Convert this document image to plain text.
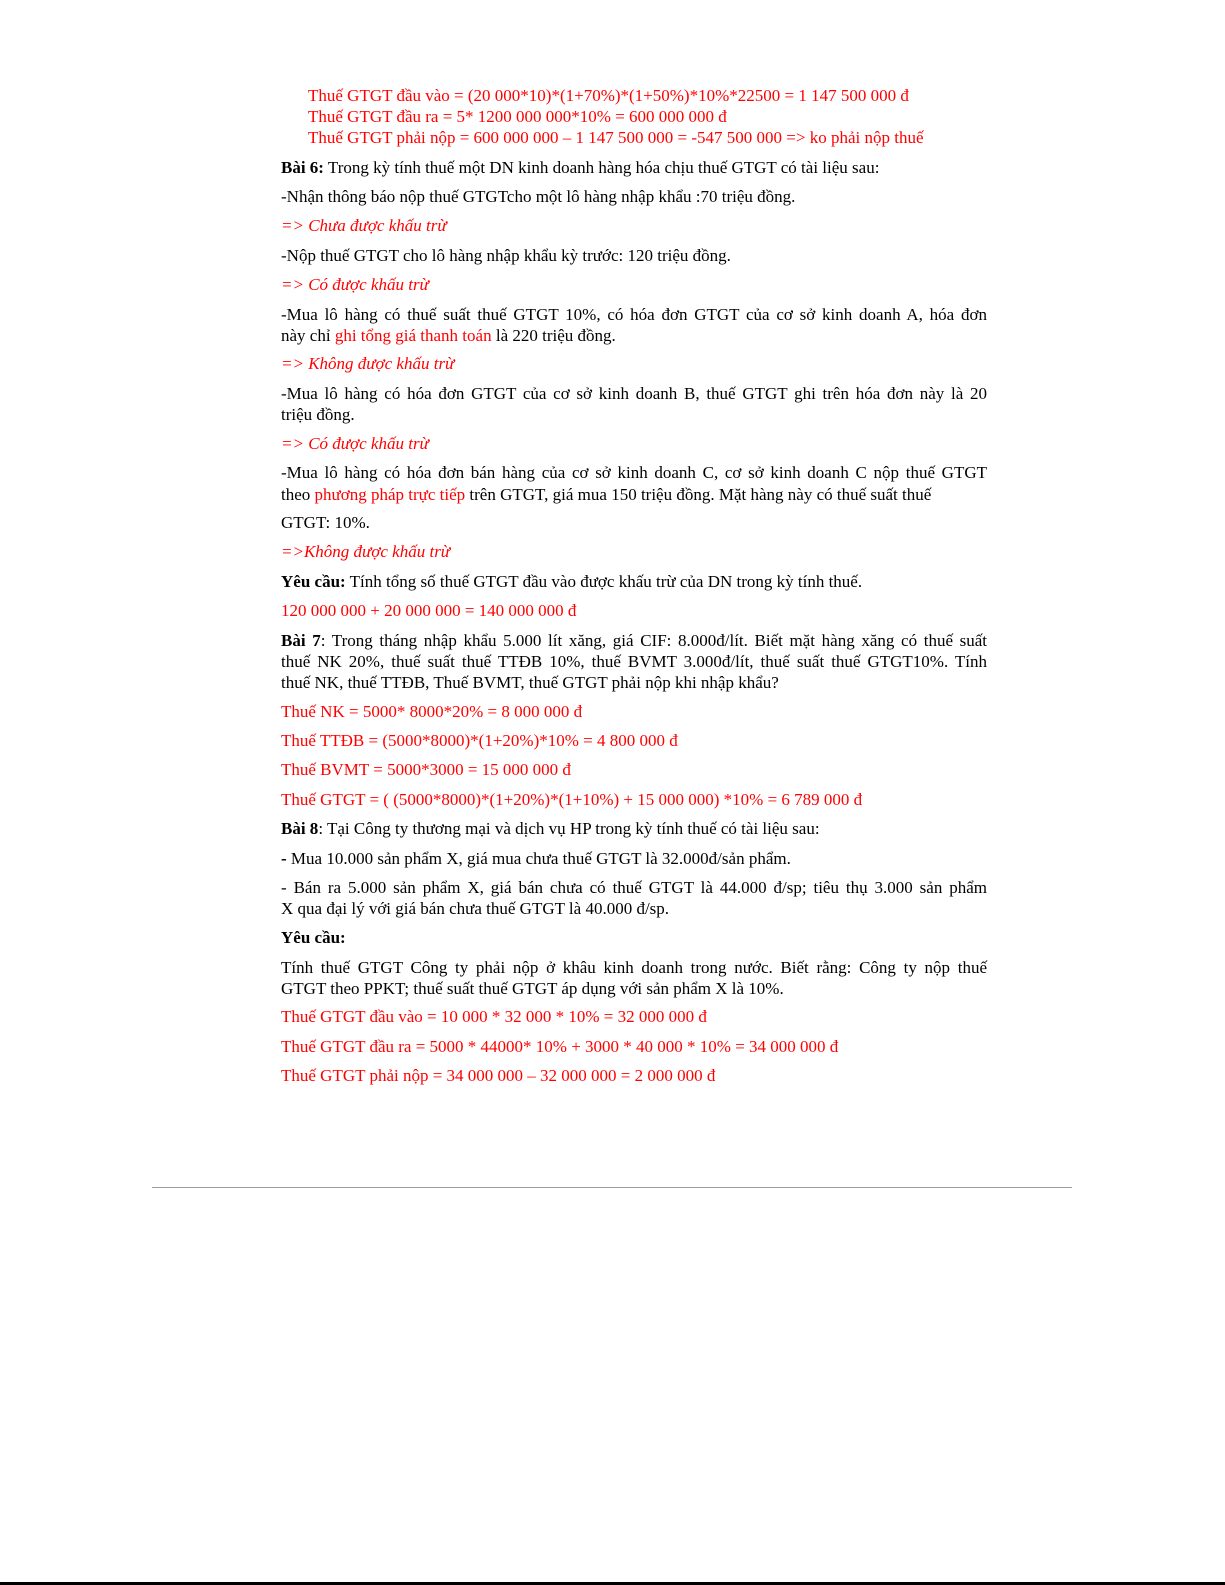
Thuế GTGT đầu vào = (20 000*10)*(1+70%)*(1+50%)*10%*22500 = 1 147 500 000 đ
Thuế GTGT đầu ra = 5* 1200 000 000*10% = 600 000 000 đ
Thuế GTGT phải nộp = 600 000 000 – 1 147 500 000 = -547 500 000 => ko phải nộp thuế
Bài 6: Trong kỳ tính thuế một DN kinh doanh hàng hóa chịu thuế GTGT có tài liệu sau:
-Nhận thông báo nộp thuế GTGTcho một lô hàng nhập khẩu :70 triệu đồng.
=> Chưa được khấu trừ
-Nộp thuế GTGT cho lô hàng nhập khẩu kỳ trước: 120 triệu đồng.
=> Có được khấu trừ
-Mua lô hàng có thuế suất thuế GTGT 10%, có hóa đơn GTGT của cơ sở kinh doanh A, hóa đơn
này chỉ ghi tổng giá thanh toán là 220 triệu đồng.
=> Không được khấu trừ
-Mua lô hàng có hóa đơn GTGT của cơ sở kinh doanh B, thuế GTGT ghi trên hóa đơn này là 20
triệu đồng.
=> Có được khấu trừ
-Mua lô hàng có hóa đơn bán hàng của cơ sở kinh doanh C, cơ sở kinh doanh C nộp thuế GTGT
theo phương pháp trực tiếp trên GTGT, giá mua 150 triệu đồng. Mặt hàng này có thuế suất thuế
GTGT: 10%.
=>Không được khấu trừ
Yêu cầu: Tính tổng số thuế GTGT đầu vào được khấu trừ của DN trong kỳ tính thuế.
120 000 000 + 20 000 000 = 140 000 000 đ
Bài 7: Trong tháng nhập khẩu 5.000 lít xăng, giá CIF: 8.000đ/lít. Biết mặt hàng xăng có thuế suất
thuế NK 20%, thuế suất thuế TTĐB 10%, thuế BVMT 3.000đ/lít, thuế suất thuế GTGT10%. Tính
thuế NK, thuế TTĐB, Thuế BVMT, thuế GTGT phải nộp khi nhập khẩu?
Thuế NK = 5000* 8000*20% = 8 000 000 đ
Thuế TTĐB = (5000*8000)*(1+20%)*10% = 4 800 000 đ
Thuế BVMT = 5000*3000 = 15 000 000 đ
Thuế GTGT = ( (5000*8000)*(1+20%)*(1+10%) + 15 000 000) *10% = 6 789 000 đ
Bài 8: Tại Công ty thương mại và dịch vụ HP trong kỳ tính thuế có tài liệu sau:
- Mua 10.000 sản phẩm X, giá mua chưa thuế GTGT là 32.000đ/sản phẩm.
- Bán ra 5.000 sản phẩm X, giá bán chưa có thuế GTGT là 44.000 đ/sp; tiêu thụ 3.000 sản phẩm
X qua đại lý với giá bán chưa thuế GTGT là 40.000 đ/sp.
Yêu cầu:
Tính thuế GTGT Công ty phải nộp ở khâu kinh doanh trong nước. Biết rằng: Công ty nộp thuế
GTGT theo PPKT; thuế suất thuế GTGT áp dụng với sản phẩm X là 10%.
Thuế GTGT đầu vào = 10 000 * 32 000 * 10% = 32 000 000 đ
Thuế GTGT đầu ra = 5000 * 44000* 10% + 3000 * 40 000 * 10% = 34 000 000 đ
Thuế GTGT phải nộp = 34 000 000 – 32 000 000 = 2 000 000 đ
